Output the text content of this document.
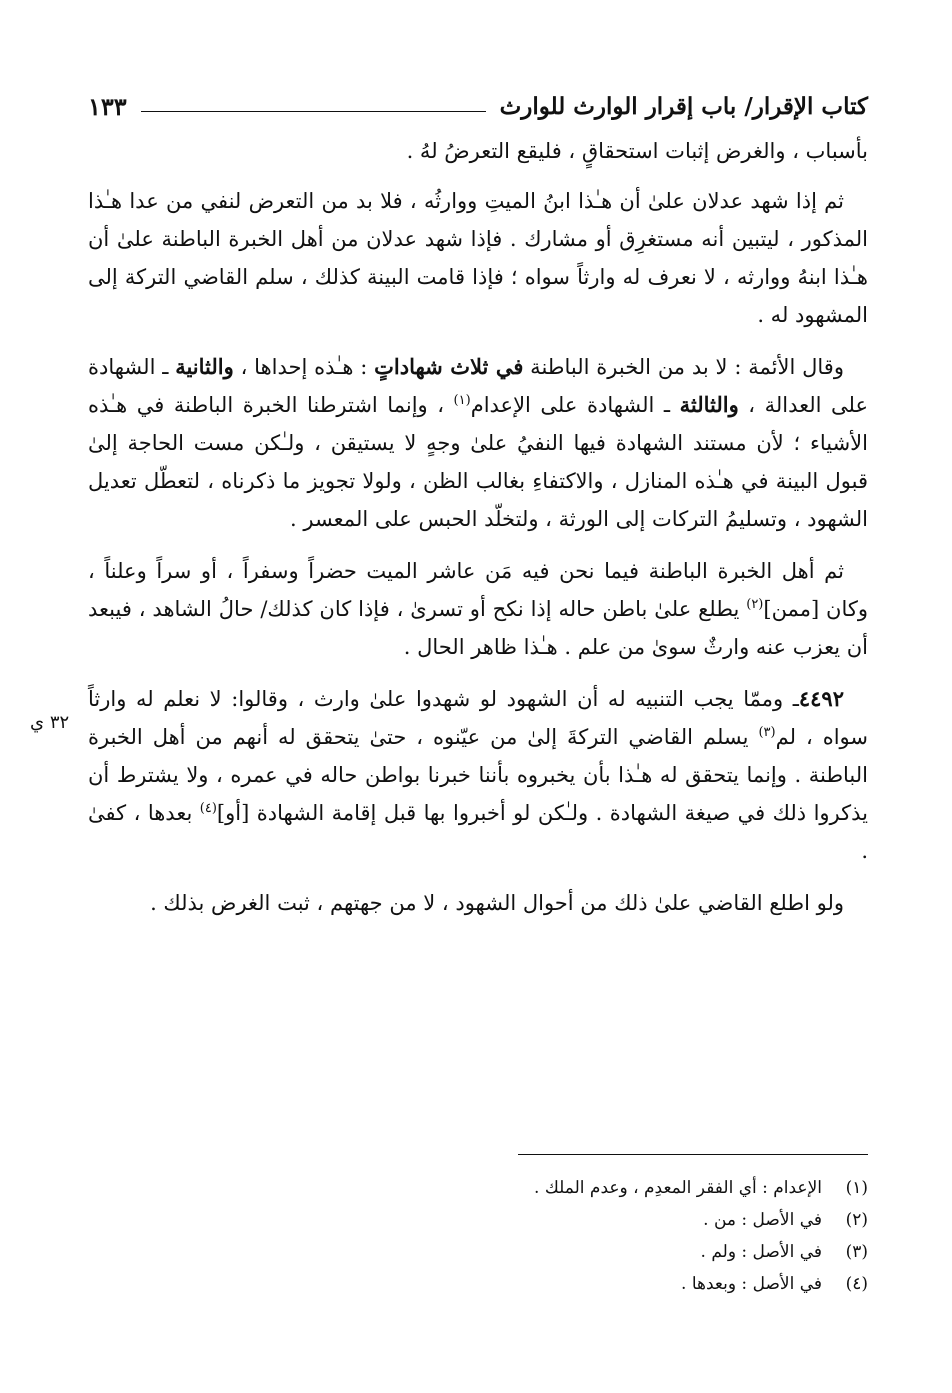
كتاب الإقرار/ باب إقرار الوارث للوارث
١٣٣

بأسباب ، والغرض إثبات استحقاقٍ ، فليقع التعرضُ لهُ .

ثم إذا شهد عدلان علىٰ أن هـٰذا ابنُ الميتِ ووارثُه ، فلا بد من التعرض لنفي من عدا هـٰذا المذكور ، ليتبين أنه مستغرِق أو مشارك . فإذا شهد عدلان من أهل الخبرة الباطنة علىٰ أن هـٰذا ابنهُ ووارثه ، لا نعرف له وارثاً سواه ؛ فإذا قامت البينة كذلك ، سلم القاضي التركة إلى المشهود له .

وقال الأئمة : لا بد من الخبرة الباطنة في ثلاث شهاداتٍ : هـٰذه إحداها ، والثانية ـ الشهادة على العدالة ، والثالثة ـ الشهادة على الإعدام$^{(١)}$ ، وإنما اشترطنا الخبرة الباطنة في هـٰذه الأشياء ؛ لأن مستند الشهادة فيها النفيُ علىٰ وجهٍ لا يستيقن ، ولـٰكن مست الحاجة إلىٰ قبول البينة في هـٰذه المنازل ، والاكتفاءِ بغالب الظن ، ولولا تجويز ما ذكرناه ، لتعطّل تعديل الشهود ، وتسليمُ التركات إلى الورثة ، ولتخلّد الحبس على المعسر .

ثم أهل الخبرة الباطنة فيما نحن فيه مَن عاشر الميت حضراً وسفراً ، أو سراً وعلناً ، وكان [ممن]$^{(٢)}$ يطلع علىٰ باطن حاله إذا نكح أو تسرىٰ ، فإذا كان كذلك/ حالُ الشاهد ، فيبعد أن يعزب عنه وارثٌ سوىٰ من علم . هـٰذا ظاهر الحال .

٤٤٩٢ـ وممّا يجب التنبيه له أن الشهود لو شهدوا علىٰ وارث ، وقالوا: لا نعلم له وارثاً سواه ، لم$^{(٣)}$ يسلم القاضي التركةَ إلىٰ من عيّنوه ، حتىٰ يتحقق له أنهم من أهل الخبرة الباطنة . وإنما يتحقق له هـٰذا بأن يخبروه بأننا خبرنا بواطن حاله في عمره ، ولا يشترط أن يذكروا ذلك في صيغة الشهادة . ولـٰكن لو أخبروا بها قبل إقامة الشهادة [أو]$^{(٤)}$ بعدها ، كفىٰ .

ولو اطلع القاضي علىٰ ذلك من أحوال الشهود ، لا من جهتهم ، ثبت الغرض بذلك .

٣٢ ي
(١)
الإعدام : أي الفقر المعدِم ، وعدم الملك .
(٢)
في الأصل : من .
(٣)
في الأصل : ولم .
(٤)
في الأصل : وبعدها .
